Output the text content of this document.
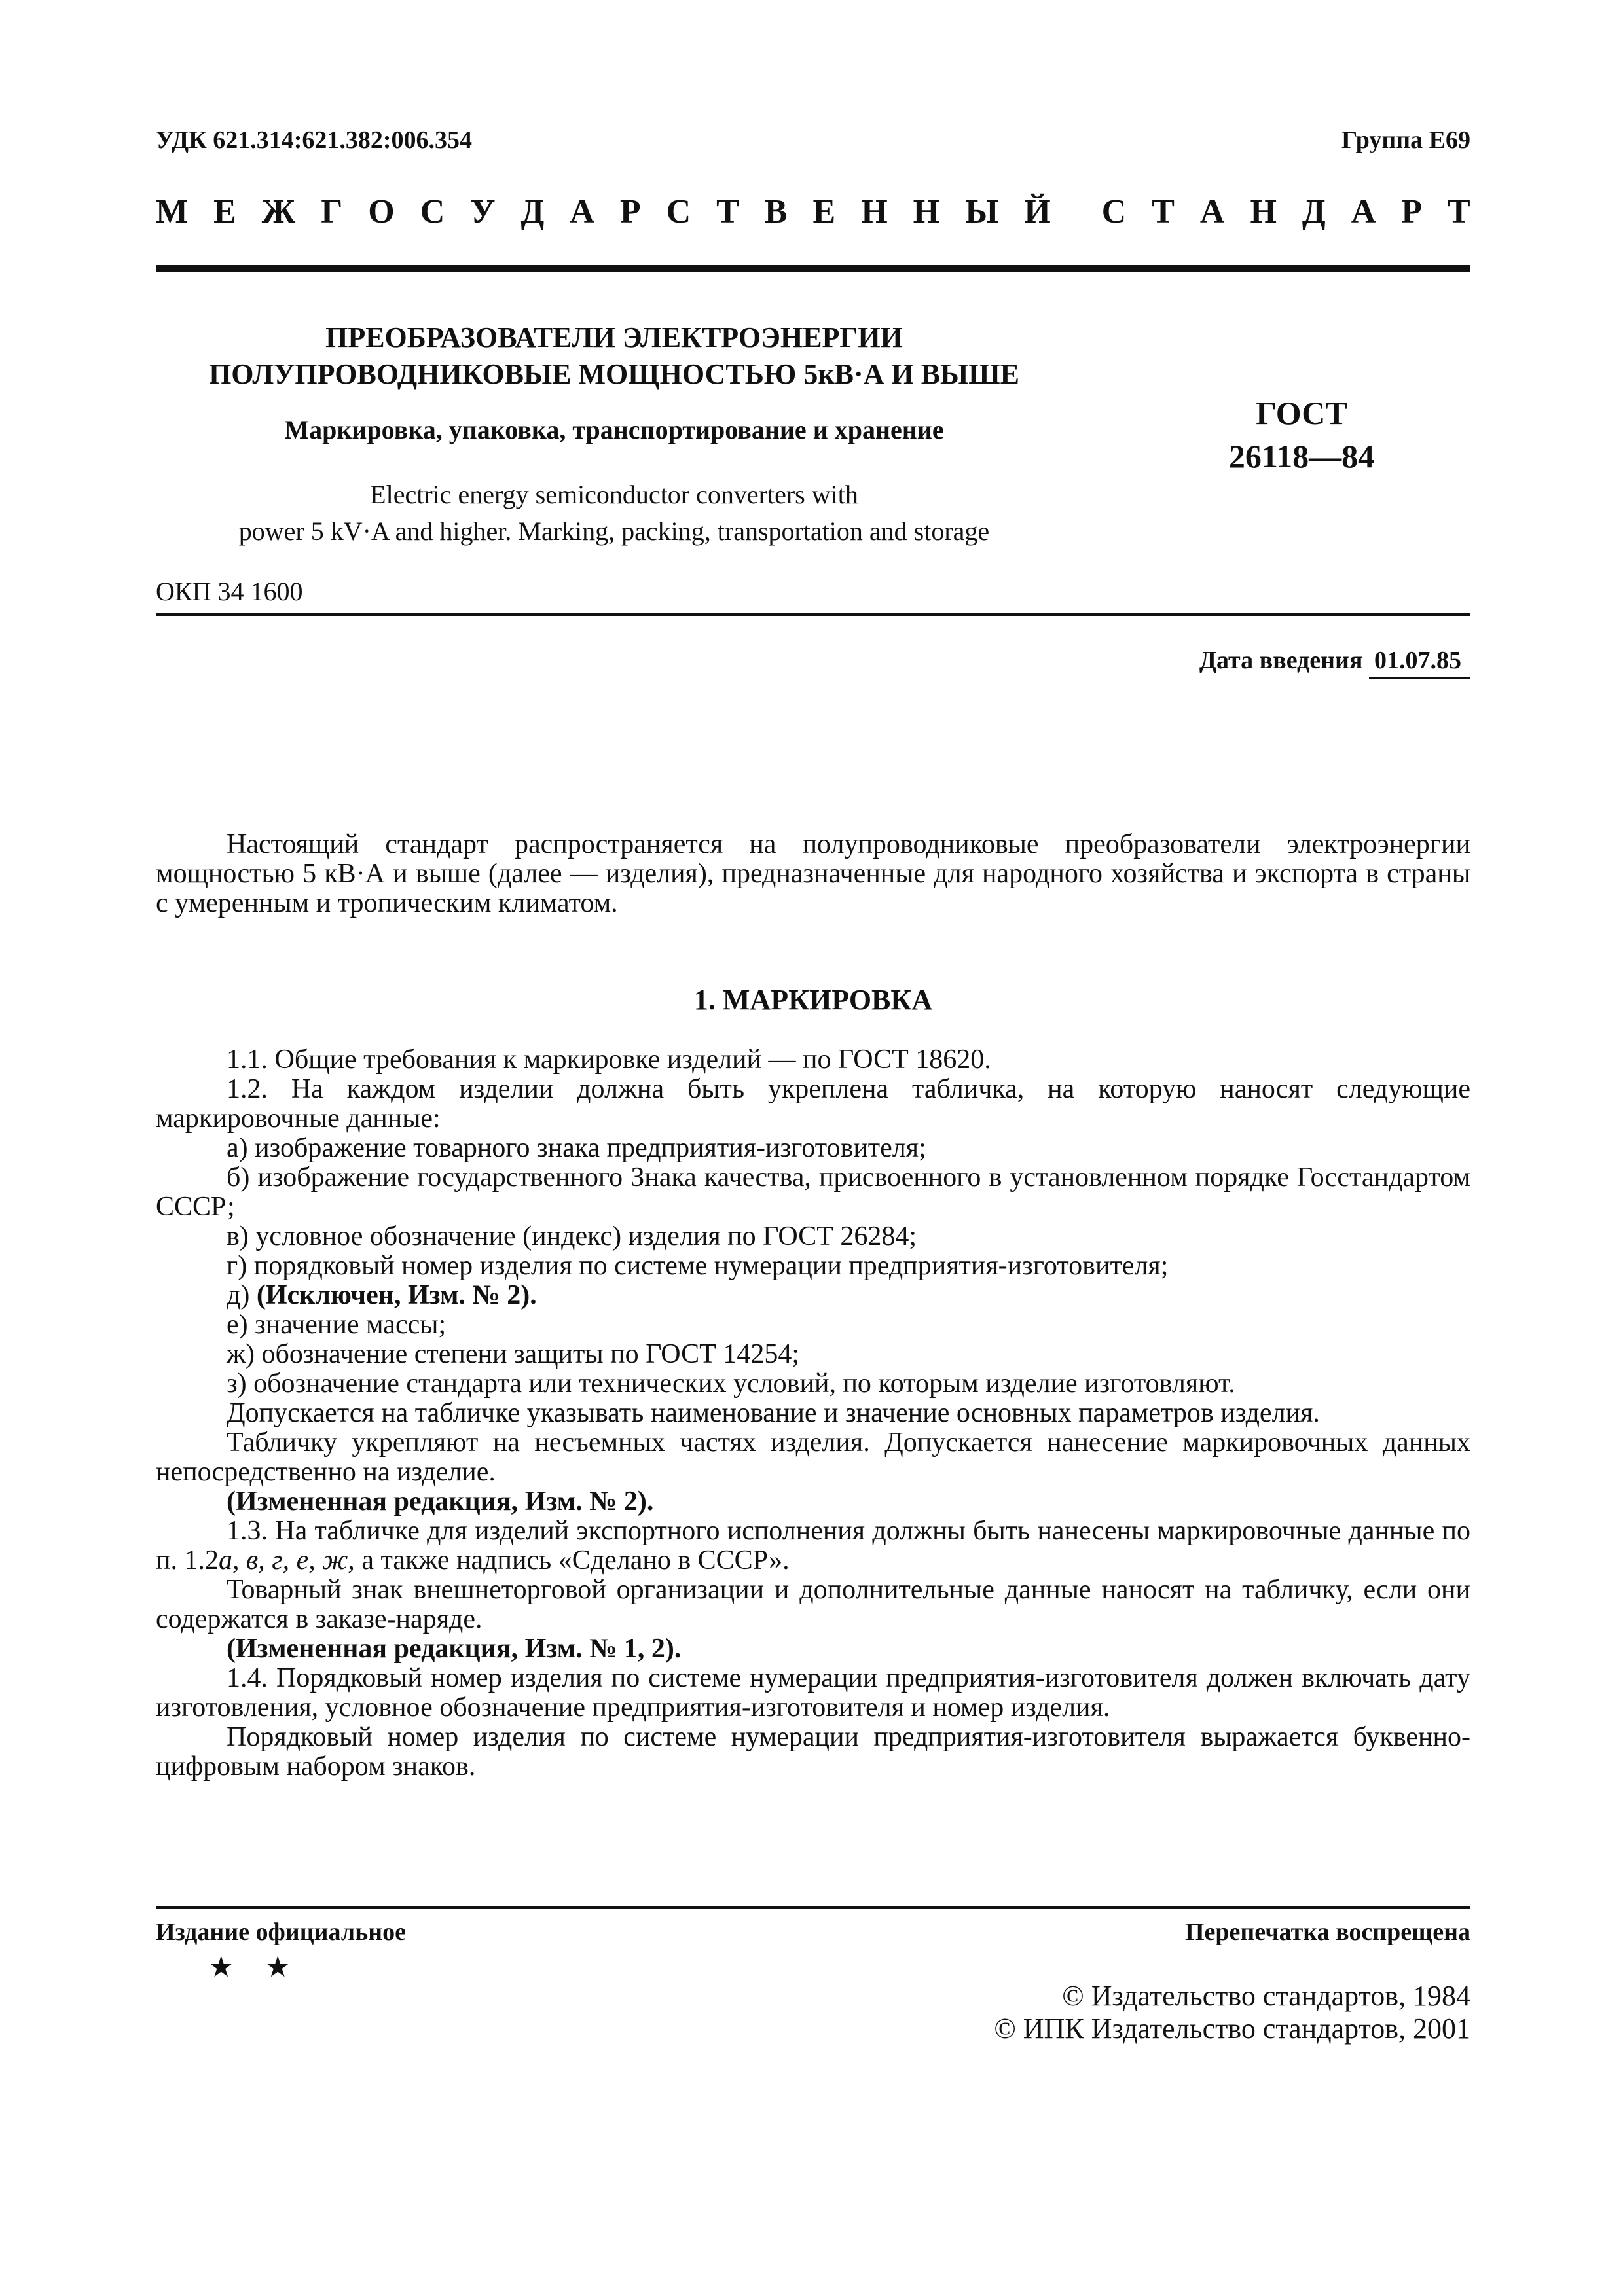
УДК 621.314:621.382:006.354	Группа Е69
М Е Ж Г О С У Д А Р С Т В Е Н Н Ы Й С Т А Н Д А Р Т
ПРЕОБРАЗОВАТЕЛИ ЭЛЕКТРОЭНЕРГИИ
ПОЛУПРОВОДНИКОВЫЕ МОЩНОСТЬЮ 5кВ·А И ВЫШЕ
Маркировка, упаковка, транспортирование и хранение
Electric energy semiconductor converters with
power 5 kV·A and higher. Marking, packing, transportation and storage
ГОСТ
26118—84
ОКП 34 1600
Дата введения 01.07.85

Настоящий стандарт распространяется на полупроводниковые преобразователи электроэнергии мощностью 5 кВ·А и выше (далее — изделия), предназначенные для народного хозяйства и экспорта в страны с умеренным и тропическим климатом.

1. МАРКИРОВКА

1.1. Общие требования к маркировке изделий — по ГОСТ 18620.

1.2. На каждом изделии должна быть укреплена табличка, на которую наносят следующие маркировочные данные:

а) изображение товарного знака предприятия-изготовителя;

б) изображение государственного Знака качества, присвоенного в установленном порядке Госстандартом СССР;

в) условное обозначение (индекс) изделия по ГОСТ 26284;

г) порядковый номер изделия по системе нумерации предприятия-изготовителя;

д) (Исключен, Изм. № 2).

е) значение массы;

ж) обозначение степени защиты по ГОСТ 14254;

з) обозначение стандарта или технических условий, по которым изделие изготовляют.

Допускается на табличке указывать наименование и значение основных параметров изделия.

Табличку укрепляют на несъемных частях изделия. Допускается нанесение маркировочных данных непосредственно на изделие.

(Измененная редакция, Изм. № 2).

1.3. На табличке для изделий экспортного исполнения должны быть нанесены маркировочные данные по п. 1.2а, в, г, е, ж, а также надпись «Сделано в СССР».

Товарный знак внешнеторговой организации и дополнительные данные наносят на табличку, если они содержатся в заказе-наряде.

(Измененная редакция, Изм. № 1, 2).

1.4. Порядковый номер изделия по системе нумерации предприятия-изготовителя должен включать дату изготовления, условное обозначение предприятия-изготовителя и номер изделия.

Порядковый номер изделия по системе нумерации предприятия-изготовителя выражается буквенно-цифровым набором знаков.

Издание официальное
★ ★
Перепечатка воспрещена
© Издательство стандартов, 1984
© ИПК Издательство стандартов, 2001
